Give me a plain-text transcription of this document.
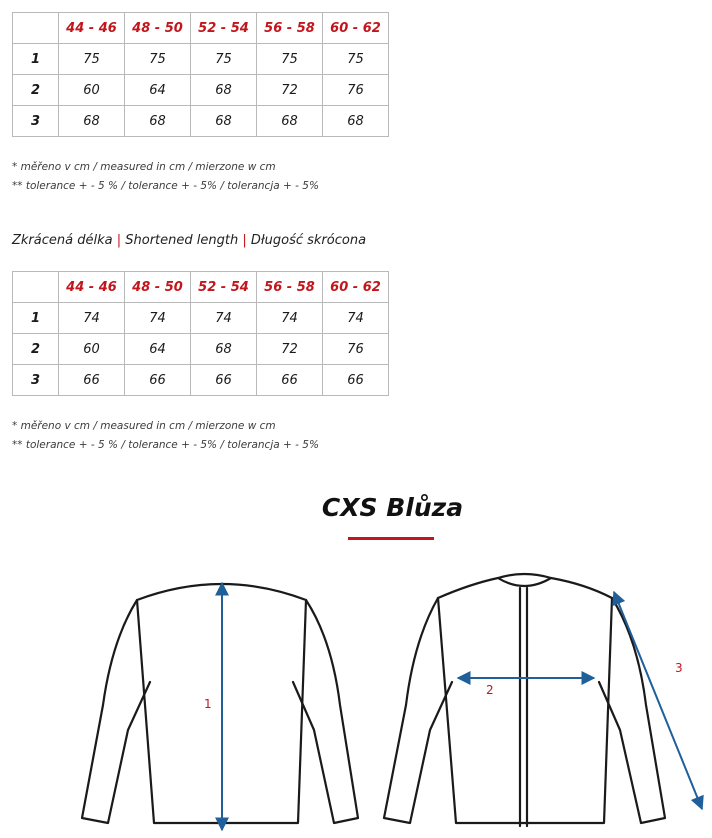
	44 - 46	48 - 50	52 - 54	56 - 58	60 - 62
1	75	75	75	75	75
2	60	64	68	72	76
3	68	68	68	68	68
* měřeno v cm / measured in cm / mierzone w cm
** tolerance + - 5 % / tolerance + - 5% / tolerancja + - 5%
Zkrácená délka | Shortened length | Długość skrócona
	44 - 46	48 - 50	52 - 54	56 - 58	60 - 62
1	74	74	74	74	74
2	60	64	68	72	76
3	66	66	66	66	66
* měřeno v cm / measured in cm / mierzone w cm
** tolerance + - 5 % / tolerance + - 5% / tolerancja + - 5%
CXS Blůza
1
2
3
